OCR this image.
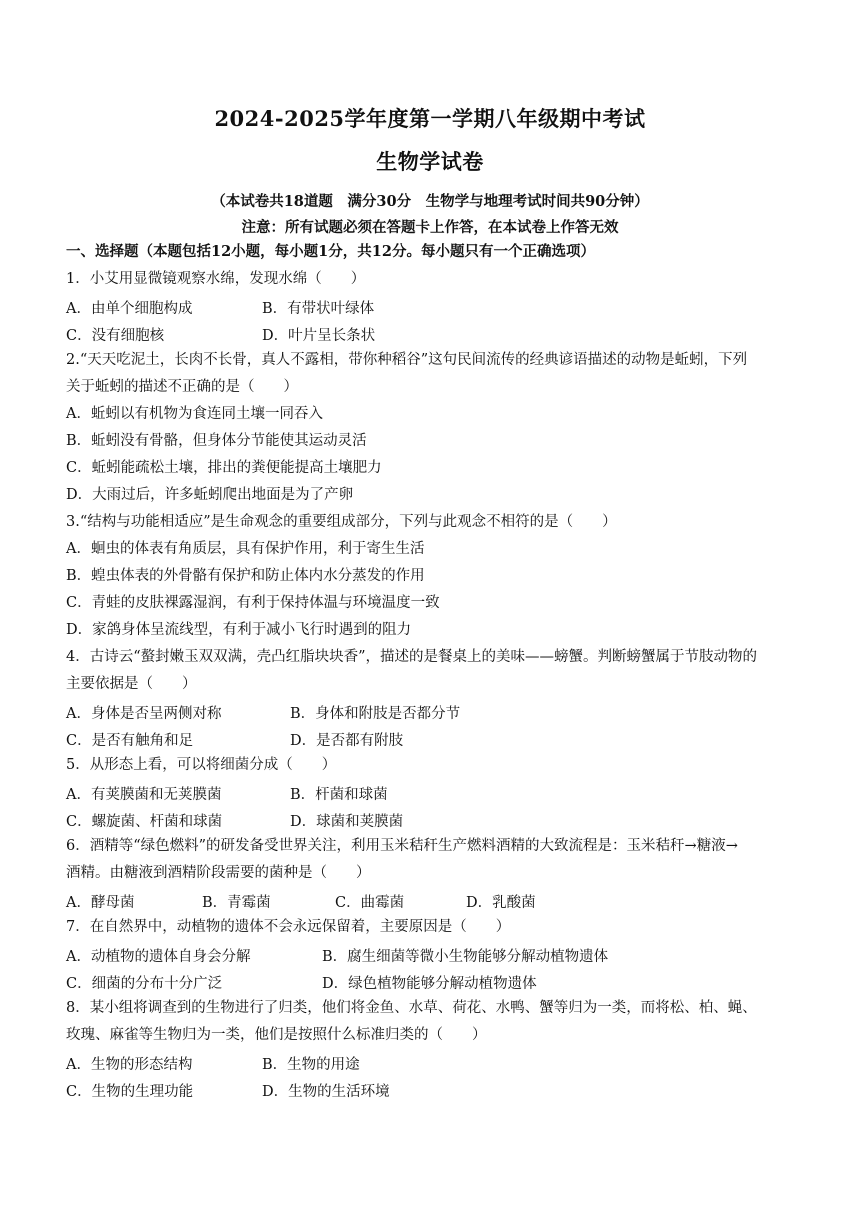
2024-2025学年度第一学期八年级期中考试
生物学试卷
（本试卷共18道题　满分30分　生物学与地理考试时间共90分钟）
注意：所有试题必须在答题卡上作答，在本试卷上作答无效
一、选择题（本题包括12小题，每小题1分，共12分。每小题只有一个正确选项）
1．小艾用显微镜观察水绵，发现水绵（　　）
A．由单个细胞构成	B．有带状叶绿体
C．没有细胞核	D．叶片呈长条状
2.“天天吃泥土，长肉不长骨，真人不露相，带你种稻谷”这句民间流传的经典谚语描述的动物是蚯蚓，下列
关于蚯蚓的描述不正确的是（　　）
A．蚯蚓以有机物为食连同土壤一同吞入
B．蚯蚓没有骨骼，但身体分节能使其运动灵活
C．蚯蚓能疏松土壤，排出的粪便能提高土壤肥力
D．大雨过后，许多蚯蚓爬出地面是为了产卵
3.“结构与功能相适应”是生命观念的重要组成部分，下列与此观念不相符的是（　　）
A．蛔虫的体表有角质层，具有保护作用，利于寄生生活
B．蝗虫体表的外骨骼有保护和防止体内水分蒸发的作用
C．青蛙的皮肤裸露湿润，有利于保持体温与环境温度一致
D．家鸽身体呈流线型，有利于减小飞行时遇到的阻力
4．古诗云“螯封嫩玉双双满，壳凸红脂块块香”，描述的是餐桌上的美味——螃蟹。判断螃蟹属于节肢动物的
主要依据是（　　）
A．身体是否呈两侧对称	B．身体和附肢是否都分节
C．是否有触角和足	D．是否都有附肢
5．从形态上看，可以将细菌分成（　　）
A．有荚膜菌和无荚膜菌	B．杆菌和球菌
C．螺旋菌、杆菌和球菌	D．球菌和荚膜菌
6．酒精等“绿色燃料”的研发备受世界关注，利用玉米秸秆生产燃料酒精的大致流程是：玉米秸秆→糖液→
酒精。由糖液到酒精阶段需要的菌种是（　　）
A．酵母菌	B．青霉菌	C．曲霉菌	D．乳酸菌
7．在自然界中，动植物的遗体不会永远保留着，主要原因是（　　）
A．动植物的遗体自身会分解	B．腐生细菌等微小生物能够分解动植物遗体
C．细菌的分布十分广泛	D．绿色植物能够分解动植物遗体
8．某小组将调查到的生物进行了归类，他们将金鱼、水草、荷花、水鸭、蟹等归为一类，而将松、柏、蝇、
玫瑰、麻雀等生物归为一类，他们是按照什么标准归类的（　　）
A．生物的形态结构	B．生物的用途
C．生物的生理功能	D．生物的生活环境
